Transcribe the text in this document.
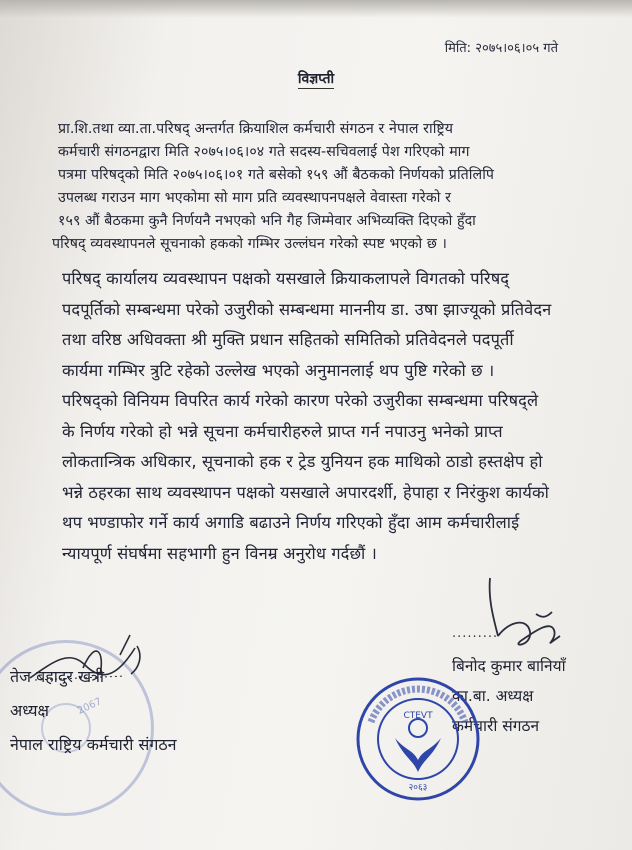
मिति: २०७५।०६।०५ गते
विज्ञप्ती
प्रा.शि.तथा व्या.ता.परिषद् अन्तर्गत क्रियाशिल कर्मचारी संगठन र नेपाल राष्ट्रिय
कर्मचारी संगठनद्वारा मिति २०७५।०६।०४ गते सदस्य-सचिवलाई पेश गरिएको माग
पत्रमा परिषद्को मिति २०७५।०६।०१ गते बसेको १५९ औं बैठकको निर्णयको प्रतिलिपि
उपलब्ध गराउन माग भएकोमा सो माग प्रति व्यवस्थापनपक्षले वेवास्ता गरेको र
१५९ औं बैठकमा कुनै निर्णयनै नभएको भनि गैह जिम्मेवार अभिव्यक्ति दिएको हुँदा
परिषद् व्यवस्थापनले सूचनाको हकको गम्भिर उल्लंघन गरेको स्पष्ट भएको छ ।
परिषद् कार्यालय व्यवस्थापन पक्षको यसखाले क्रियाकलापले विगतको परिषद्
पदपूर्तिको सम्बन्धमा परेको उजुरीको सम्बन्धमा माननीय डा. उषा झाज्यूको प्रतिवेदन
तथा वरिष्ठ अधिवक्ता श्री मुक्ति प्रधान सहितको समितिको प्रतिवेदनले पदपूर्ती
कार्यमा गम्भिर त्रुटि रहेको उल्लेख भएको अनुमानलाई थप पुष्टि गरेको छ ।
परिषद्को विनियम विपरित कार्य गरेको कारण परेको उजुरीका सम्बन्धमा परिषद्ले
के निर्णय गरेको हो भन्ने सूचना कर्मचारीहरुले प्राप्त गर्न नपाउनु भनेको प्राप्त
लोकतान्त्रिक अधिकार, सूचनाको हक र ट्रेड युनियन हक माथिको ठाडो हस्तक्षेप हो
भन्ने ठहरका साथ व्यवस्थापन पक्षको यसखाले अपारदर्शी, हेपाहा र निरंकुश कार्यको
थप भण्डाफोर गर्ने कार्य अगाडि बढाउने निर्णय गरिएको हुँदा आम कर्मचारीलाई
न्यायपूर्ण संघर्षमा सहभागी हुन विनम्र अनुरोध गर्दछौं ।
2067
तेज बहादुर खत्री
अध्यक्ष
नेपाल राष्ट्रिय कर्मचारी संगठन
.........
बिनोद कुमार बानियाँ
का.बा. अध्यक्ष
कर्मचारी संगठन
CTEVT
२०६३
